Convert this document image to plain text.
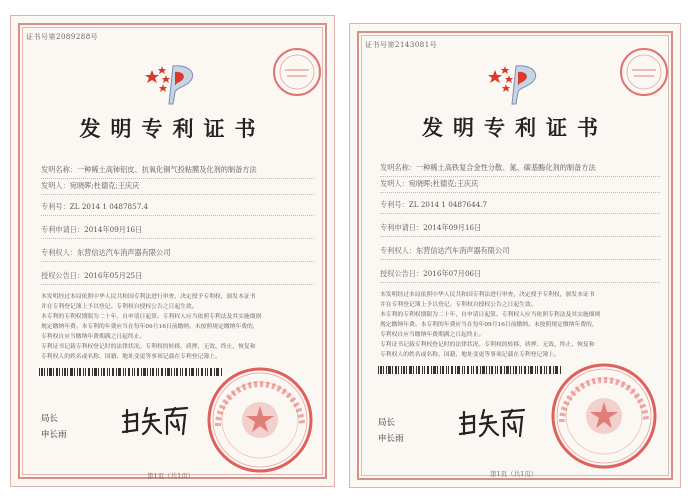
证书号第2089288号
发明专利证书
发明名称：一种稀土高铈铝皮、抗氧化铜气投粘膜及化剂的制备方法
发明人：宛晓晖;杜德克;王庆庆
专利号：ZL 2014 1 0487857.4
专利申请日：2014年09月16日
专利权人：东营信达汽车消声器有限公司
授权公告日：2016年05月25日
本发明经过本局依照中华人民共和国专利法进行审查，决定授予专利权，颁发本证书
并在专利登记簿上予以登记。专利权自授权公告之日起生效。
本专利的专利权期限为二十年，自申请日起算。专利权人应当依照专利法及其实施细则
规定缴纳年费。本专利的年费应当在每年09月16日前缴纳。未按照规定缴纳年费的，
专利权自应当缴纳年费期满之日起终止。
专利证书记载专利权登记时的法律状况。专利权的转移、质押、无效、终止、恢复和
专利权人的姓名或名称、国籍、地址变更等事项记载在专利登记簿上。
局长
申长雨
第1页（共1页）
证书号第2143081号
发明专利证书
发明名称：一种稀土高铁复合金性分散、氮、碳基酶化剂的制备方法
发明人：宛晓晖;杜德克;王庆庆
专利号：ZL 2014 1 0487644.7
专利申请日：2014年09月16日
专利权人：东营信达汽车消声器有限公司
授权公告日：2016年07月06日
本发明经过本局依照中华人民共和国专利法进行审查，决定授予专利权，颁发本证书
并在专利登记簿上予以登记。专利权自授权公告之日起生效。
本专利的专利权期限为二十年，自申请日起算。专利权人应当依照专利法及其实施细则
规定缴纳年费。本专利的年费应当在每年09月16日前缴纳。未按照规定缴纳年费的，
专利权自应当缴纳年费期满之日起终止。
专利证书记载专利权登记时的法律状况。专利权的转移、质押、无效、终止、恢复和
专利权人的姓名或名称、国籍、地址变更等事项记载在专利登记簿上。
局长
申长雨
第1页（共1页）
